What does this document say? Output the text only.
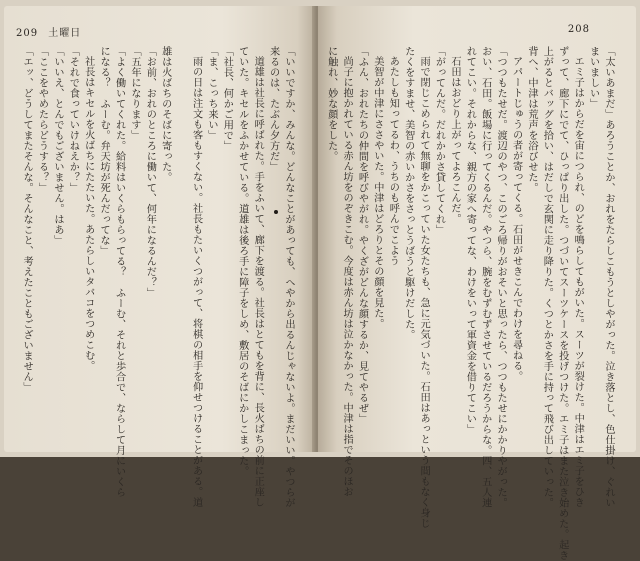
209 土曜日
「いいですか、みんな。どんなことがあっても、へやから出るんじゃないよ。まだいい。やつらが
来るのは、たぶん夕方だ」
道雄は社長に呼ばれた。手をふいて、廊下を渡る。社長はとてもを背に、長火ばちの前に正座し
ていた。キセルをふかせている。道雄は後ろ手に障子をしめ、敷居のそばにかしこまった。
「社長、何かご用で」
「ま、こっち来い」
雨の日は注文も客もすくない。社長もたいくつがって、将棋の相手を仰せつけることがある。道
雄は火ばちのそばに寄った。
「お前、おれのところに働いて、何年になるんだ？」
「五年になります」
「よく働いてくれた。給料はいくらもらってる？　ふーむ、それと歩合で、ならして月にいくら
になる？　ふーむ。弁天坊が死んだってな」
社長はキセルを火ばちにたたいた。あたらしいタバコをつめこむ。
「それで食っていけねえか？」
「いいえ、とんでもございません。はあ」
「ここをやめたらどうする？」
「エッ、どうしてまたそんな。そんなこと、考えたこともございません」
208
「太いあまだ」あろうことか、おれをたらしこもうとしやがった。泣き落とし、色仕掛け、ぐれい
まいましい」
エミ子はからだを宙につられ、のどを鳴らしてもがいた。スーツが裂けた。中津はエミ子をひき
ずって、廊下にでて、ひっぱり出した。つづいてスーツケースを投げつけた。エミ子はまた泣き始めた。起き
上がるとバッグを拾い、はだしで玄関に走り降りた。くつとかさを手に持って飛び出していった。
背へ、中津は荒声を浴びせた。
アパートじゅうの者が寄ってくる。石田がせきこんでわけを尋ねる。
「つつもたせだ。渡辺のやつ、このごろ帰りがおそいと思ったら、つつもたせにかかりやがった。
おい、石田。飯場に行ってくるんだ。やつら、腕をむずむずさせているだろうからな。四、五人連
れてこい。それからな、親方の家へ寄ってな、わけをいって軍資金を借りてこい」
石田はおどり上がってよろこんだ。
「がってんだ。だれかかさ貸してくれ」
雨で閉じこめられて無聊をかこっていた女たちも、急に元気づいた。石田はあっという間もなく身じ
たくをすませ、美智の赤いかさをさっとうばうと駆けだした。
あたしも知ってるわ、うちのも呼んでこよう
美智が中津にささやいた。中津はどろりとその顔を見た。
「ふん、おれたちの仲間を呼びやがれ。やくざがどんな顔するか、見てやるぜ」
尚子に抱かれている赤ん坊をのぞきこむ。今度は赤ん坊は泣かなかった。中津は指でそのほお
に触れ、妙な顔をした。
